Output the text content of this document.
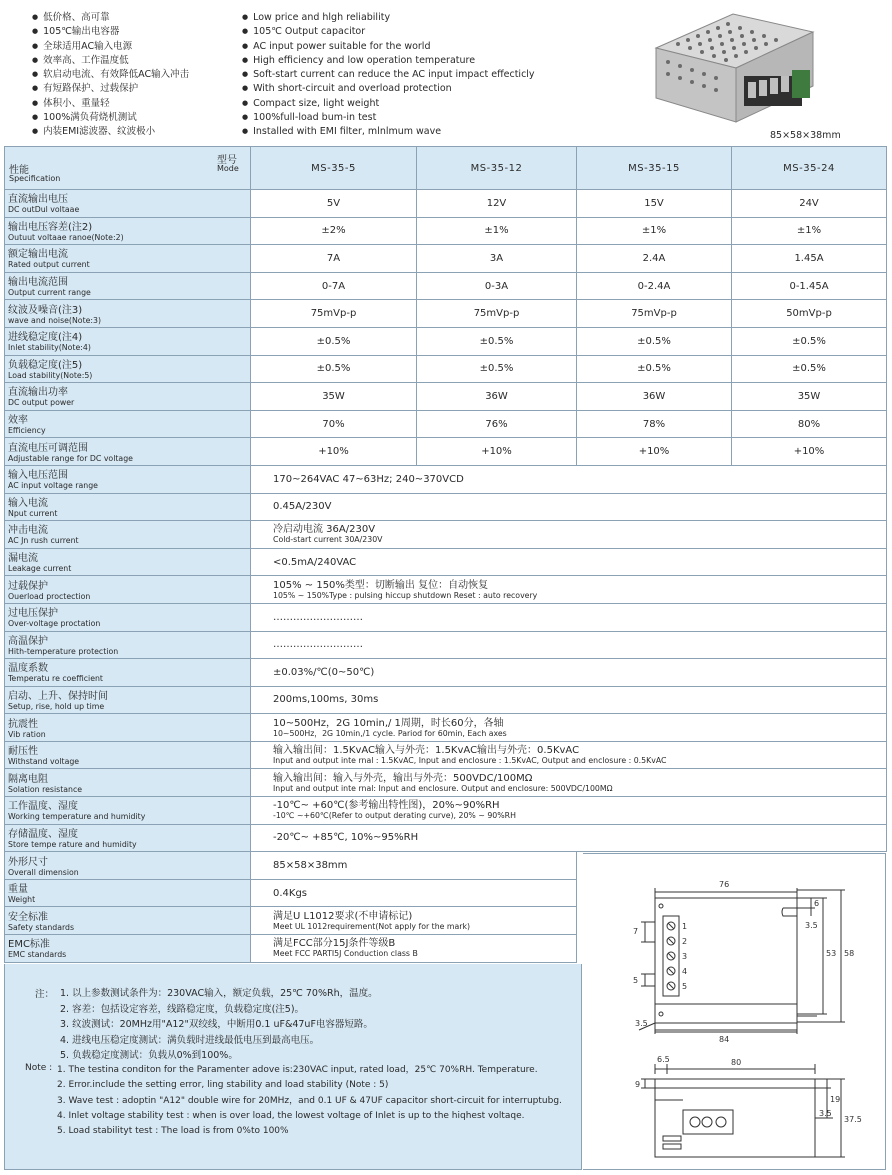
● 低价格、高可靠
● 105℃输出电容器
● 全球适用AC输入电源
● 效率高、工作温度低
● 软启动电流、有效降低AC输入冲击
● 有短路保护、过载保护
● 体积小、重量轻
● 100%满负荷烧机测试
● 内装EMI滤波器、纹波极小
● Low price and hlgh reliability
● 105℃ Output capacitor
● AC input power suitable for the world
● High efficiency and low operation temperature
● Soft-start current can reduce the AC input impact effecticly
● With short-circuit and overload protection
● Compact size, light weight
● 100%full-load bum-in test
● Installed with EMI filter, mlnlmum wave	85×58×38mm
型号
Mode
性能
Specification	MS-35-5	MS-35-12	MS-35-15	MS-35-24

直流输出电压
DC outDul voltaae	5V	12V	15V	24V

输出电压容差(注2)
Outuut voltaae ranoe(Note:2)	±2%	±1%	±1%	±1%

额定输出电流
Rated output current	7A	3A	2.4A	1.45A

输出电流范围
Output current range	0-7A	0-3A	0-2.4A	0-1.45A

纹波及噪音(注3)
wave and noise(Note:3)	75mVp-p	75mVp-p	75mVp-p	50mVp-p

进线稳定度(注4)
Inlet stability(Note:4)	±0.5%	±0.5%	±0.5%	±0.5%

负载稳定度(注5)
Load stability(Note:5)	±0.5%	±0.5%	±0.5%	±0.5%

直流输出功率
DC output power	35W	36W	36W	35W

效率
Efficiency	70%	76%	78%	80%

直流电压可调范围
Adjustable range for DC voltage	+10%	+10%	+10%	+10%

输入电压范围
AC input voltage range	170~264VAC 47~63Hz; 240~370VCD			

输入电流
Nput current	0.45A/230V			

冲击电流
AC Jn rush current	冷启动电流 36A/230V
Cold-start current 30A/230V			

漏电流
Leakage current	<0.5mA/240VAC			

过载保护
Ouerload proctection	105% ~ 150%类型：切断输出 复位：自动恢复
105% ~ 150%Type : pulsing hiccup shutdown Reset : auto recovery			

过电压保护
Over-voltage proctation	………………………			

高温保护
Hith-temperature protection	………………………			

温度系数
Temperatu re coefficient	±0.03%/℃(0~50℃)			

启动、上升、保持时间
Setup, rise, hold up time	200ms,100ms, 30ms			

抗震性
Vib ration	10~500Hz，2G 10min,/ 1周期，时长60分，各轴
10~500Hz，2G 10min,/1 cycle. Pariod for 60min, Each axes			

耐压性
Withstand voltage	输入输出间：1.5KvAC输入与外壳：1.5KvAC输出与外壳：0.5KvAC
Input and output inte rnal : 1.5KvAC, Input and enclosure : 1.5KvAC, Output and enclosure : 0.5KvAC			

隔离电阻
Solation resistance	输入输出间：输入与外壳，输出与外壳：500VDC/100MΩ
Input and output inte rnal: Input and enclosure. Output and enclosure: 500VDC/100MΩ			

工作温度、湿度
Working temperature and humidity	-10℃~ +60℃(参考输出特性图)，20%~90%RH
-10℃ ~+60℃(Refer to output derating curve), 20% ~ 90%RH			

存储温度、湿度
Store tempe rature and humidity	-20℃~ +85℃, 10%~95%RH			

外形尺寸
Overall dimension	85×58×38mm			

重量
Weight	0.4Kgs			

安全标准
Safety standards	满足U L1012要求(不申请标记)
Meet UL 1012requirement(Not apply for the mark)			

EMC标准
EMC standards	满足FCC部分15J条件等级B
Meet FCC PARTI5J Conduction class B			

注： 1. 以上参数测试条件为：230VAC输入，额定负载，25℃ 70%Rh，温度。
2. 容差：包括设定容差，线路稳定度，负载稳定度(注5)。
3. 纹波测试：20MHz用"A12"双绞线，中断用0.1 uF&47uF电容器短路。
4. 进线电压稳定度测试：满负载时进线最低电压到最高电压。
5. 负载稳定度测试：负载从0%到100%。
Note : 1. The testina conditon for the Paramenter adove is:230VAC input, rated load，25℃ 70%RH. Temperature.
2. Error.include the setting error, ling stability and load stability (Note : 5)
3. Wave test : adoptin "A12" double wire for 20MHz，and 0.1 UF & 47UF capacitor short-circuit for interruptubg.
4. Inlet voltage stability test : when is over load, the lowest voltage of Inlet is up to the hiqhest voltaqe.
5. Load stabilityt test : The load is from 0%to 100%
76
84
53 58
6
3.5
7
5
3.5
1
2
3
4
5
6.5	80
9
37.5
19
3.5
